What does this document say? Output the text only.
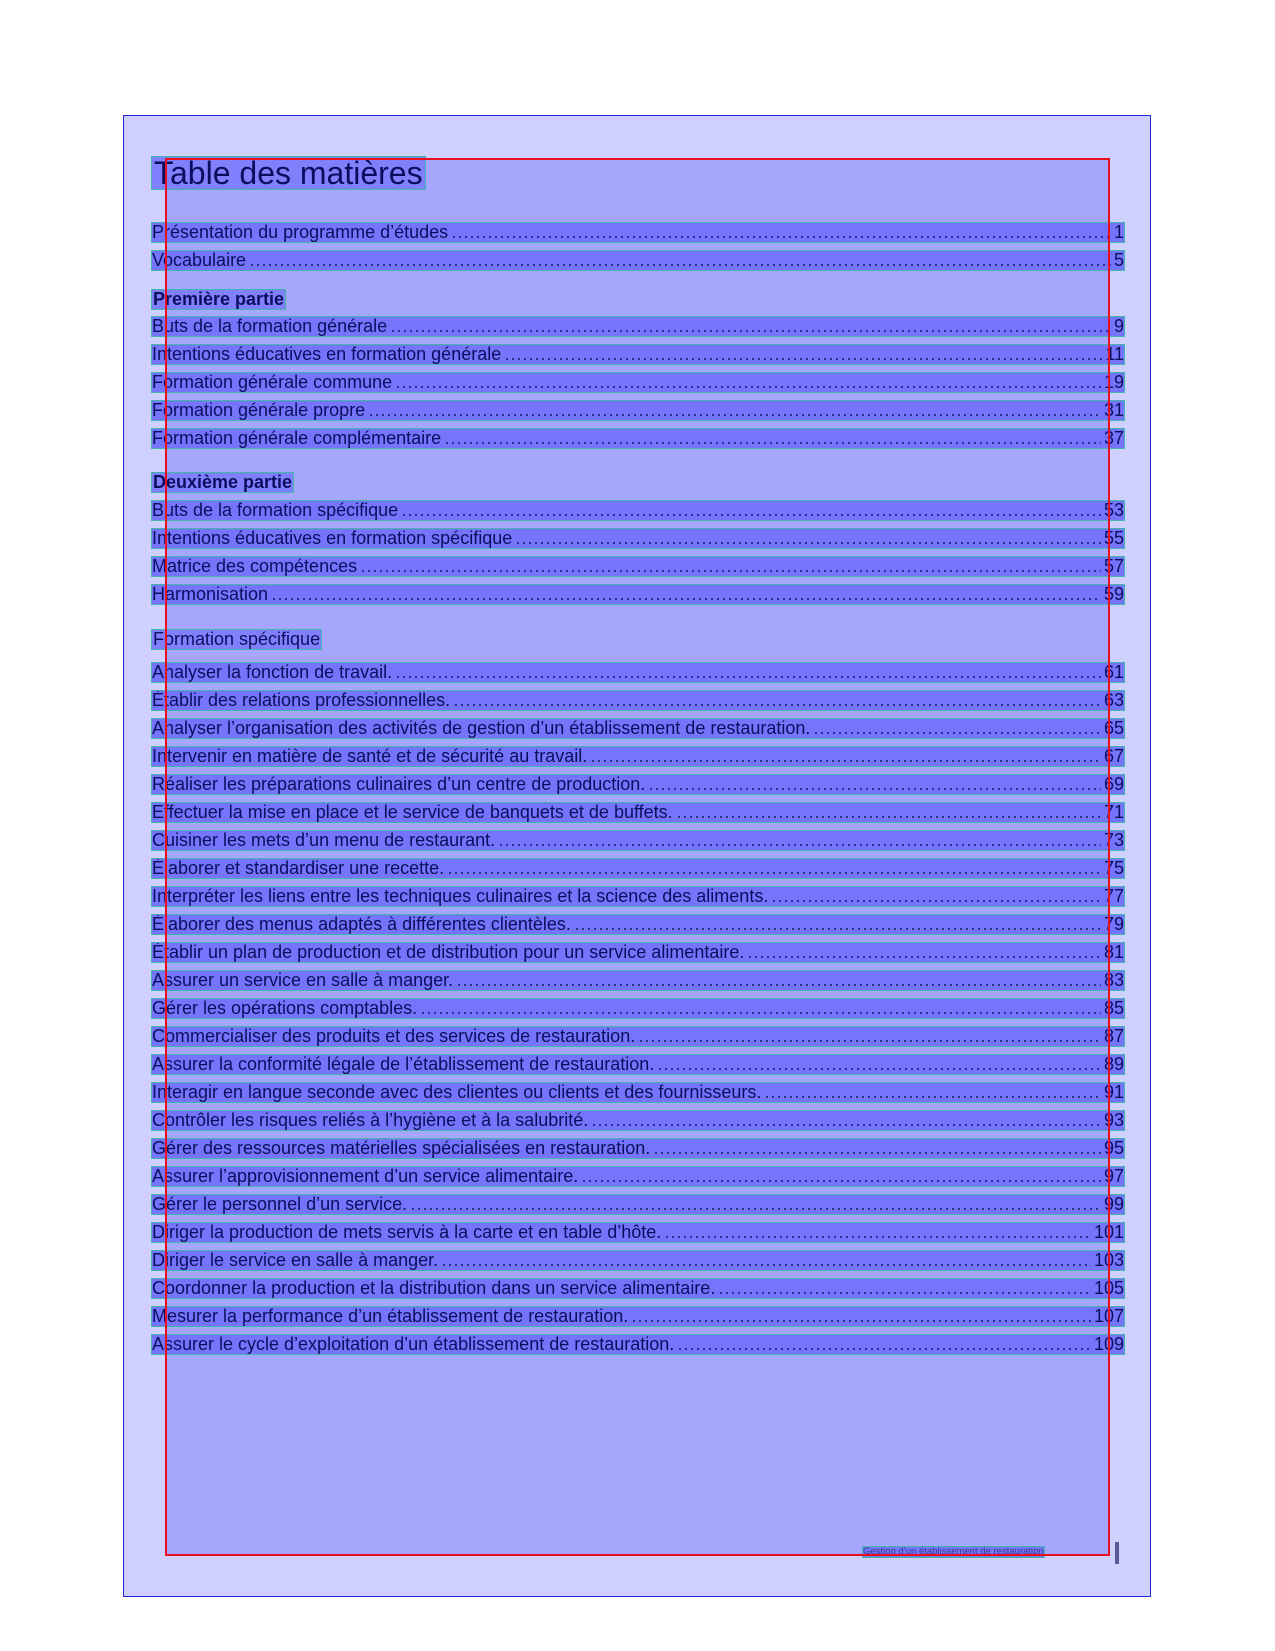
Table des matières
Présentation du programme d’études	1
Vocabulaire	5
Première partie
Buts de la formation générale	9
Intentions éducatives en formation générale	11
Formation générale commune	19
Formation générale propre	31
Formation générale complémentaire	37
Deuxième partie
Buts de la formation spécifique	53
Intentions éducatives en formation spécifique	55
Matrice des compétences	57
Harmonisation	59
Formation spécifique
Analyser la fonction de travail.	61
Établir des relations professionnelles.	63
Analyser l’organisation des activités de gestion d’un établissement de restauration.	65
Intervenir en matière de santé et de sécurité au travail.	67
Réaliser les préparations culinaires d’un centre de production.	69
Effectuer la mise en place et le service de banquets et de buffets.	71
Cuisiner les mets d’un menu de restaurant.	73
Élaborer et standardiser une recette.	75
Interpréter les liens entre les techniques culinaires et la science des aliments.	77
Élaborer des menus adaptés à différentes clientèles.	79
Établir un plan de production et de distribution pour un service alimentaire.	81
Assurer un service en salle à manger.	83
Gérer les opérations comptables.	85
Commercialiser des produits et des services de restauration.	87
Assurer la conformité légale de l’établissement de restauration.	89
Interagir en langue seconde avec des clientes ou clients et des fournisseurs.	91
Contrôler les risques reliés à l’hygiène et à la salubrité.	93
Gérer des ressources matérielles spécialisées en restauration.	95
Assurer l’approvisionnement d’un service alimentaire.	97
Gérer le personnel d’un service.	99
Diriger la production de mets servis à la carte et en table d’hôte.	101
Diriger le service en salle à manger.	103
Coordonner la production et la distribution dans un service alimentaire.	105
Mesurer la performance d’un établissement de restauration.	107
Assurer le cycle d’exploitation d’un établissement de restauration.	109
Gestion d’un établissement de restauration
